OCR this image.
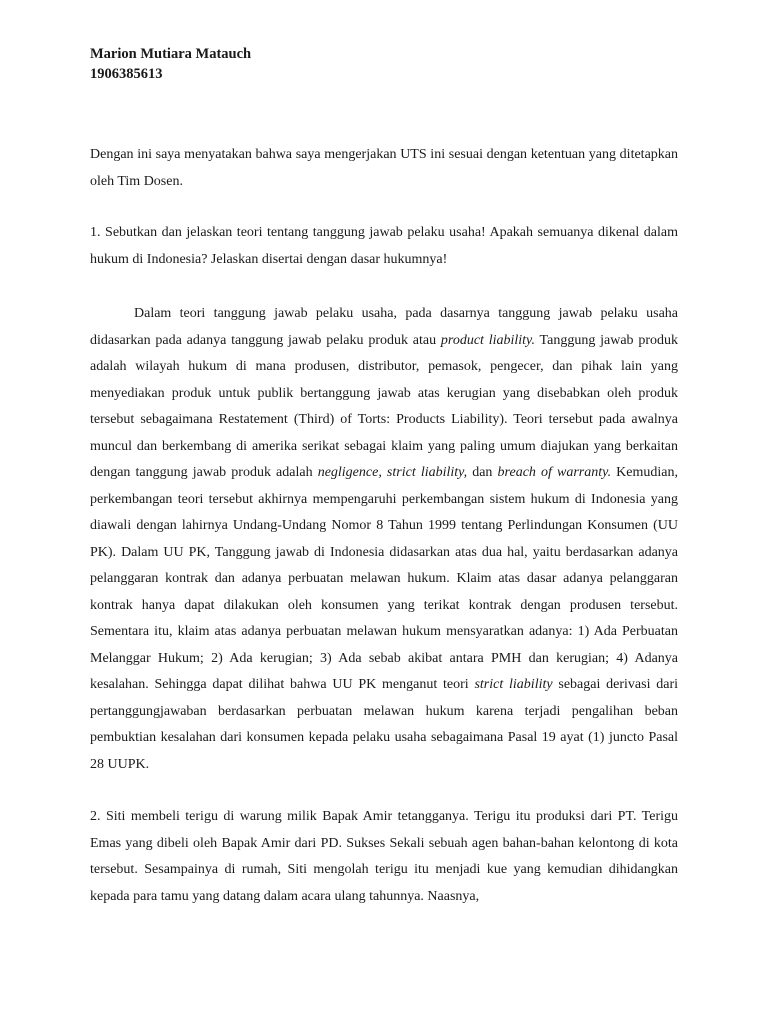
Marion Mutiara Matauch

1906385613

Dengan ini saya menyatakan bahwa saya mengerjakan UTS ini sesuai dengan ketentuan yang ditetapkan oleh Tim Dosen.

1. Sebutkan dan jelaskan teori tentang tanggung jawab pelaku usaha! Apakah semuanya dikenal dalam hukum di Indonesia? Jelaskan disertai dengan dasar hukumnya!

Dalam teori tanggung jawab pelaku usaha, pada dasarnya tanggung jawab pelaku usaha didasarkan pada adanya tanggung jawab pelaku produk atau product liability. Tanggung jawab produk adalah wilayah hukum di mana produsen, distributor, pemasok, pengecer, dan pihak lain yang menyediakan produk untuk publik bertanggung jawab atas kerugian yang disebabkan oleh produk tersebut sebagaimana Restatement (Third) of Torts: Products Liability). Teori tersebut pada awalnya muncul dan berkembang di amerika serikat sebagai klaim yang paling umum diajukan yang berkaitan dengan tanggung jawab produk adalah negligence, strict liability, dan breach of warranty. Kemudian, perkembangan teori tersebut akhirnya mempengaruhi perkembangan sistem hukum di Indonesia yang diawali dengan lahirnya Undang-Undang Nomor 8 Tahun 1999 tentang Perlindungan Konsumen (UU PK). Dalam UU PK, Tanggung jawab di Indonesia didasarkan atas dua hal, yaitu berdasarkan adanya pelanggaran kontrak dan adanya perbuatan melawan hukum. Klaim atas dasar adanya pelanggaran kontrak hanya dapat dilakukan oleh konsumen yang terikat kontrak dengan produsen tersebut. Sementara itu, klaim atas adanya perbuatan melawan hukum mensyaratkan adanya: 1) Ada Perbuatan Melanggar Hukum; 2) Ada kerugian; 3) Ada sebab akibat antara PMH dan kerugian; 4) Adanya kesalahan. Sehingga dapat dilihat bahwa UU PK menganut teori strict liability sebagai derivasi dari pertanggungjawaban berdasarkan perbuatan melawan hukum karena terjadi pengalihan beban pembuktian kesalahan dari konsumen kepada pelaku usaha sebagaimana Pasal 19 ayat (1) juncto Pasal 28 UUPK.

2. Siti membeli terigu di warung milik Bapak Amir tetangganya. Terigu itu produksi dari PT. Terigu Emas yang dibeli oleh Bapak Amir dari PD. Sukses Sekali sebuah agen bahan-bahan kelontong di kota tersebut. Sesampainya di rumah, Siti mengolah terigu itu menjadi kue yang kemudian dihidangkan kepada para tamu yang datang dalam acara ulang tahunnya. Naasnya,
